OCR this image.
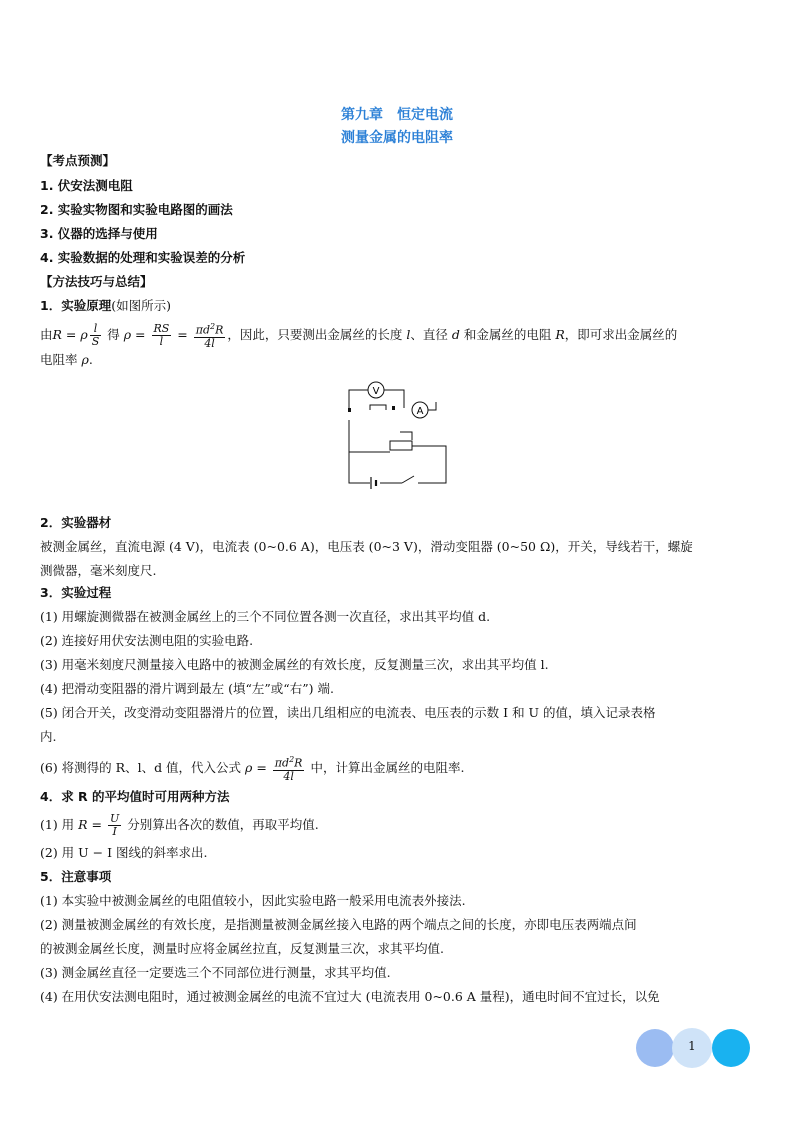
第九章　恒定电流
测量金属的电阻率
【考点预测】
1. 伏安法测电阻
2. 实验实物图和实验电路图的画法
3. 仪器的选择与使用
4. 实验数据的处理和实验误差的分析
【方法技巧与总结】
1．实验原理(如图所示)
由R = ρ $\frac{l}{S}$ 得 $\rho = \frac{RS}{l} = \frac{\pi d^2R}{4l}$ ，因此，只要测出金属丝的长度 l、直径 d 和金属丝的电阻 R，即可求出金属丝的
电阻率 ρ.
V
A
2．实验器材
被测金属丝，直流电源 (4 V)，电流表 (0~0.6 A)，电压表 (0~3 V)，滑动变阻器 (0~50 Ω)，开关，导线若干，螺旋
测微器，毫米刻度尺.
3．实验过程
(1) 用螺旋测微器在被测金属丝上的三个不同位置各测一次直径，求出其平均值 d.
(2) 连接好用伏安法测电阻的实验电路.
(3) 用毫米刻度尺测量接入电路中的被测金属丝的有效长度，反复测量三次，求出其平均值 l.
(4) 把滑动变阻器的滑片调到最左 (填“左”或“右”) 端.
(5) 闭合开关，改变滑动变阻器滑片的位置，读出几组相应的电流表、电压表的示数 I 和 U 的值，填入记录表格
内.
(6) 将测得的 R、l、d 值，代入公式 $\rho = \frac{\pi d^2R}{4l}$ 中，计算出金属丝的电阻率.
4．求 R 的平均值时可用两种方法
(1) 用 $R = \frac{U}{I}$ 分别算出各次的数值，再取平均值.
(2) 用 U − I 图线的斜率求出.
5．注意事项
(1) 本实验中被测金属丝的电阻值较小，因此实验电路一般采用电流表外接法.
(2) 测量被测金属丝的有效长度，是指测量被测金属丝接入电路的两个端点之间的长度，亦即电压表两端点间
的被测金属丝长度，测量时应将金属丝拉直，反复测量三次，求其平均值.
(3) 测金属丝直径一定要选三个不同部位进行测量，求其平均值.
(4) 在用伏安法测电阻时，通过被测金属丝的电流不宜过大 (电流表用 0~0.6 A 量程)，通电时间不宜过长，以免
1
